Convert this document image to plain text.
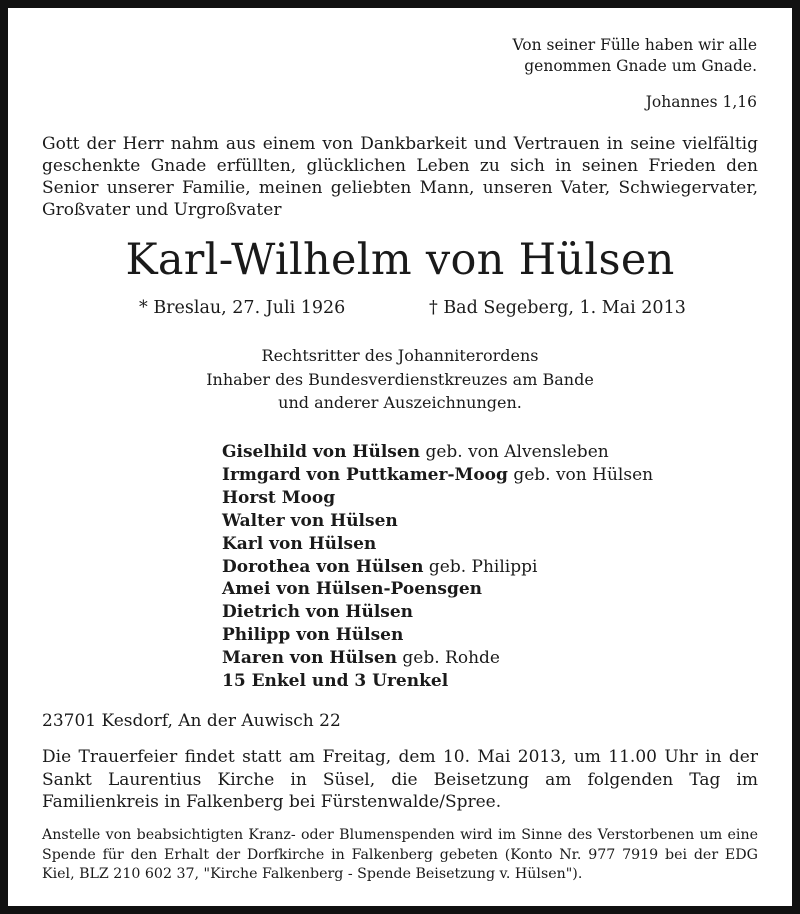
Von seiner Fülle haben wir alle
genommen Gnade um Gnade.
Johannes 1,16

Gott der Herr nahm aus einem von Dankbarkeit und Vertrauen in seine vielfältig geschenkte Gnade erfüllten, glücklichen Leben zu sich in seinen Frieden den Senior unserer Familie, meinen geliebten Mann, unseren Vater, Schwiegervater, Großvater und Urgroßvater

Karl-Wilhelm von Hülsen
* Breslau, 27. Juli 1926	† Bad Segeberg, 1. Mai 2013
Rechtsritter des Johanniterordens
Inhaber des Bundesverdienstkreuzes am Bande
und anderer Auszeichnungen.
Giselhild von Hülsen geb. von Alvensleben
Irmgard von Puttkamer-Moog geb. von Hülsen
Horst Moog
Walter von Hülsen
Karl von Hülsen
Dorothea von Hülsen geb. Philippi
Amei von Hülsen-Poensgen
Dietrich von Hülsen
Philipp von Hülsen
Maren von Hülsen geb. Rohde
15 Enkel und 3 Urenkel
23701 Kesdorf, An der Auwisch 22

Die Trauerfeier findet statt am Freitag, dem 10. Mai 2013, um 11.00 Uhr in der Sankt Laurentius Kirche in Süsel, die Beisetzung am folgenden Tag im Familienkreis in Falkenberg bei Fürstenwalde/Spree.

Anstelle von beabsichtigten Kranz- oder Blumenspenden wird im Sinne des Verstorbenen um eine Spende für den Erhalt der Dorfkirche in Falkenberg gebeten (Konto Nr. 977 7919 bei der EDG Kiel, BLZ 210 602 37, "Kirche Falkenberg - Spende Beisetzung v. Hülsen").
